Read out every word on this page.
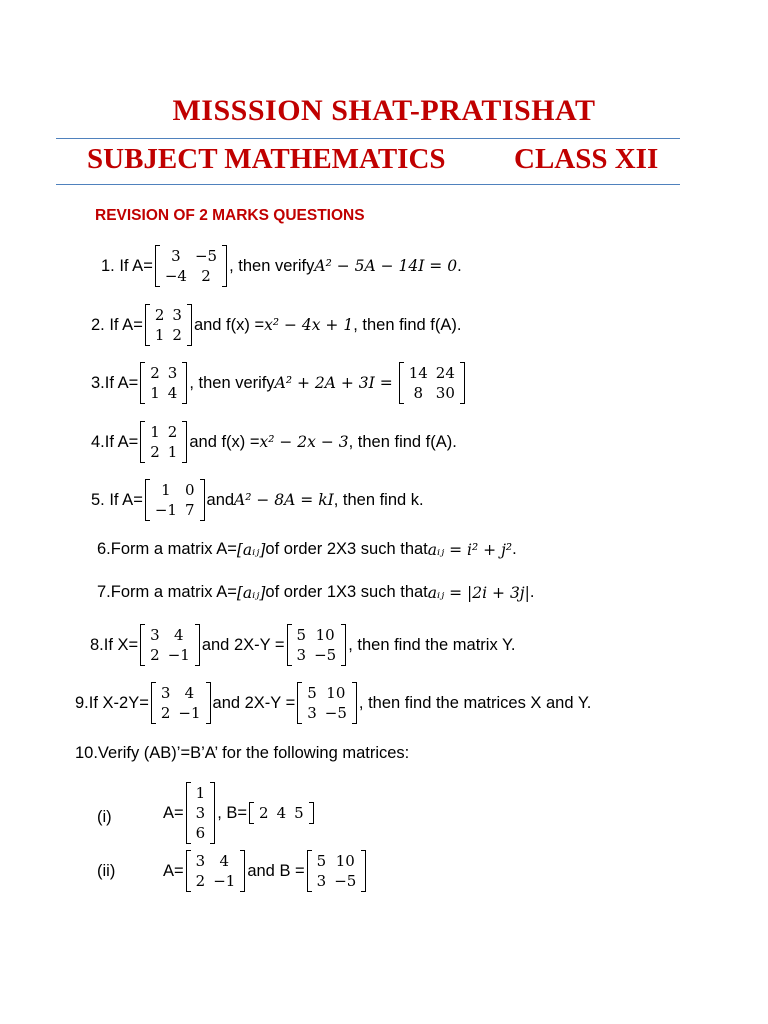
MISSSION SHAT-PRATISHAT
SUBJECT MATHEMATICS CLASS XII
REVISION OF 2 MARKS QUESTIONS
1. If A=
3 −5
−4 2
, then verify A² − 5A − 14I = 0 .
2. If A=
2 3
1 2
and f(x) = x² − 4x + 1 , then find f(A).
3.If A=
2 3
1 4
, then verify A² + 2A + 3I =
14 24
8 30
4.If A=
1 2
2 1
and f(x) = x² − 2x − 3 , then find f(A).
5. If A=
1 0
−1 7
and A² − 8A = kI , then find k.
6.Form a matrix A= [aᵢⱼ] of order 2X3 such that aᵢⱼ = i² + j² .
7.Form a matrix A= [aᵢⱼ] of order 1X3 such that aᵢⱼ = |2i + 3j| .
8.If X=
3 4
2 −1
and 2X-Y =
5 10
3 −5
, then find the matrix Y.
9.If X-2Y=
3 4
2 −1
and 2X-Y =
5 10
3 −5
, then find the matrices X and Y.
10.Verify (AB)’=B’A’ for the following matrices:
(i)	A=
1
3
6
, B= 2 4 5
(ii)	A=
3 4
2 −1
and B =
5 10
3 −5
